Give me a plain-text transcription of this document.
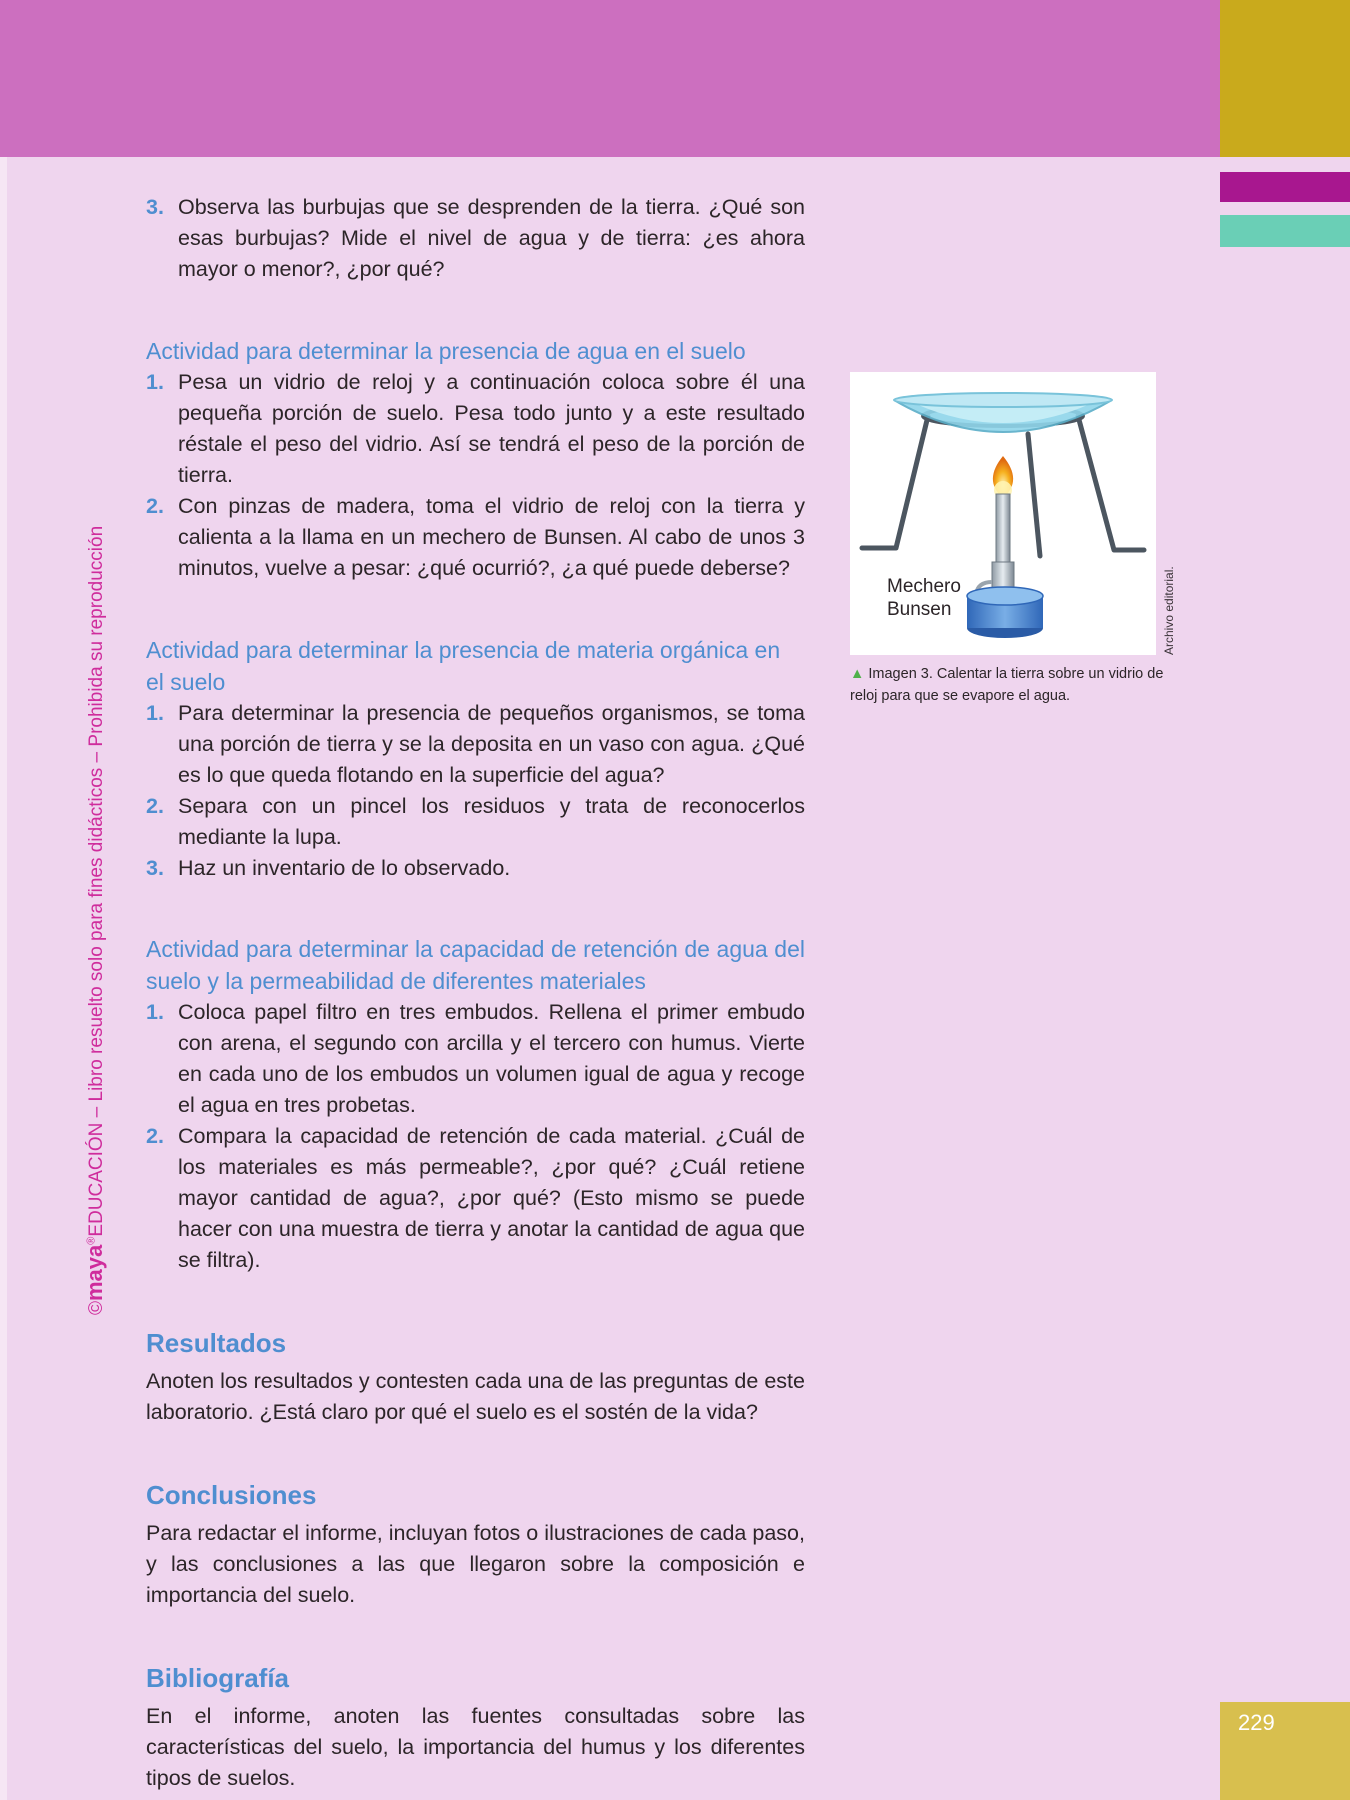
229
©maya®EDUCACIÓN – Libro resuelto solo para fines didácticos – Prohibida su reproducción
3. Observa las burbujas que se desprenden de la tierra. ¿Qué son esas burbujas? Mide el nivel de agua y de tierra: ¿es ahora mayor o menor?, ¿por qué?
Actividad para determinar la presencia de agua en el suelo
1. Pesa un vidrio de reloj y a continuación coloca sobre él una pequeña porción de suelo. Pesa todo junto y a este resultado réstale el peso del vidrio. Así se tendrá el peso de la porción de tierra.
2. Con pinzas de madera, toma el vidrio de reloj con la tierra y calienta a la llama en un mechero de Bunsen. Al cabo de unos 3 minutos, vuelve a pesar: ¿qué ocurrió?, ¿a qué puede deberse?
Actividad para determinar la presencia de materia orgánica en el suelo
1. Para determinar la presencia de pequeños organismos, se toma una porción de tierra y se la deposita en un vaso con agua. ¿Qué es lo que queda flotando en la superficie del agua?
2. Separa con un pincel los residuos y trata de reconocerlos mediante la lupa.
3. Haz un inventario de lo observado.
Actividad para determinar la capacidad de retención de agua del suelo y la permeabilidad de diferentes materiales
1. Coloca papel filtro en tres embudos. Rellena el primer embudo con arena, el segundo con arcilla y el tercero con humus. Vierte en cada uno de los embudos un volumen igual de agua y recoge el agua en tres probetas.
2. Compara la capacidad de retención de cada material. ¿Cuál de los materiales es más permeable?, ¿por qué? ¿Cuál retiene mayor cantidad de agua?, ¿por qué? (Esto mismo se puede hacer con una muestra de tierra y anotar la cantidad de agua que se filtra).
Resultados

Anoten los resultados y contesten cada una de las preguntas de este laboratorio. ¿Está claro por qué el suelo es el sostén de la vida?

Conclusiones

Para redactar el informe, incluyan fotos o ilustraciones de cada paso, y las conclusiones a las que llegaron sobre la composición e importancia del suelo.

Bibliografía

En el informe, anoten las fuentes consultadas sobre las características del suelo, la importancia del humus y los diferentes tipos de suelos.

Mechero
Bunsen	Archivo editorial.
▲ Imagen 3. Calentar la tierra sobre un vidrio de reloj para que se evapore el agua.
